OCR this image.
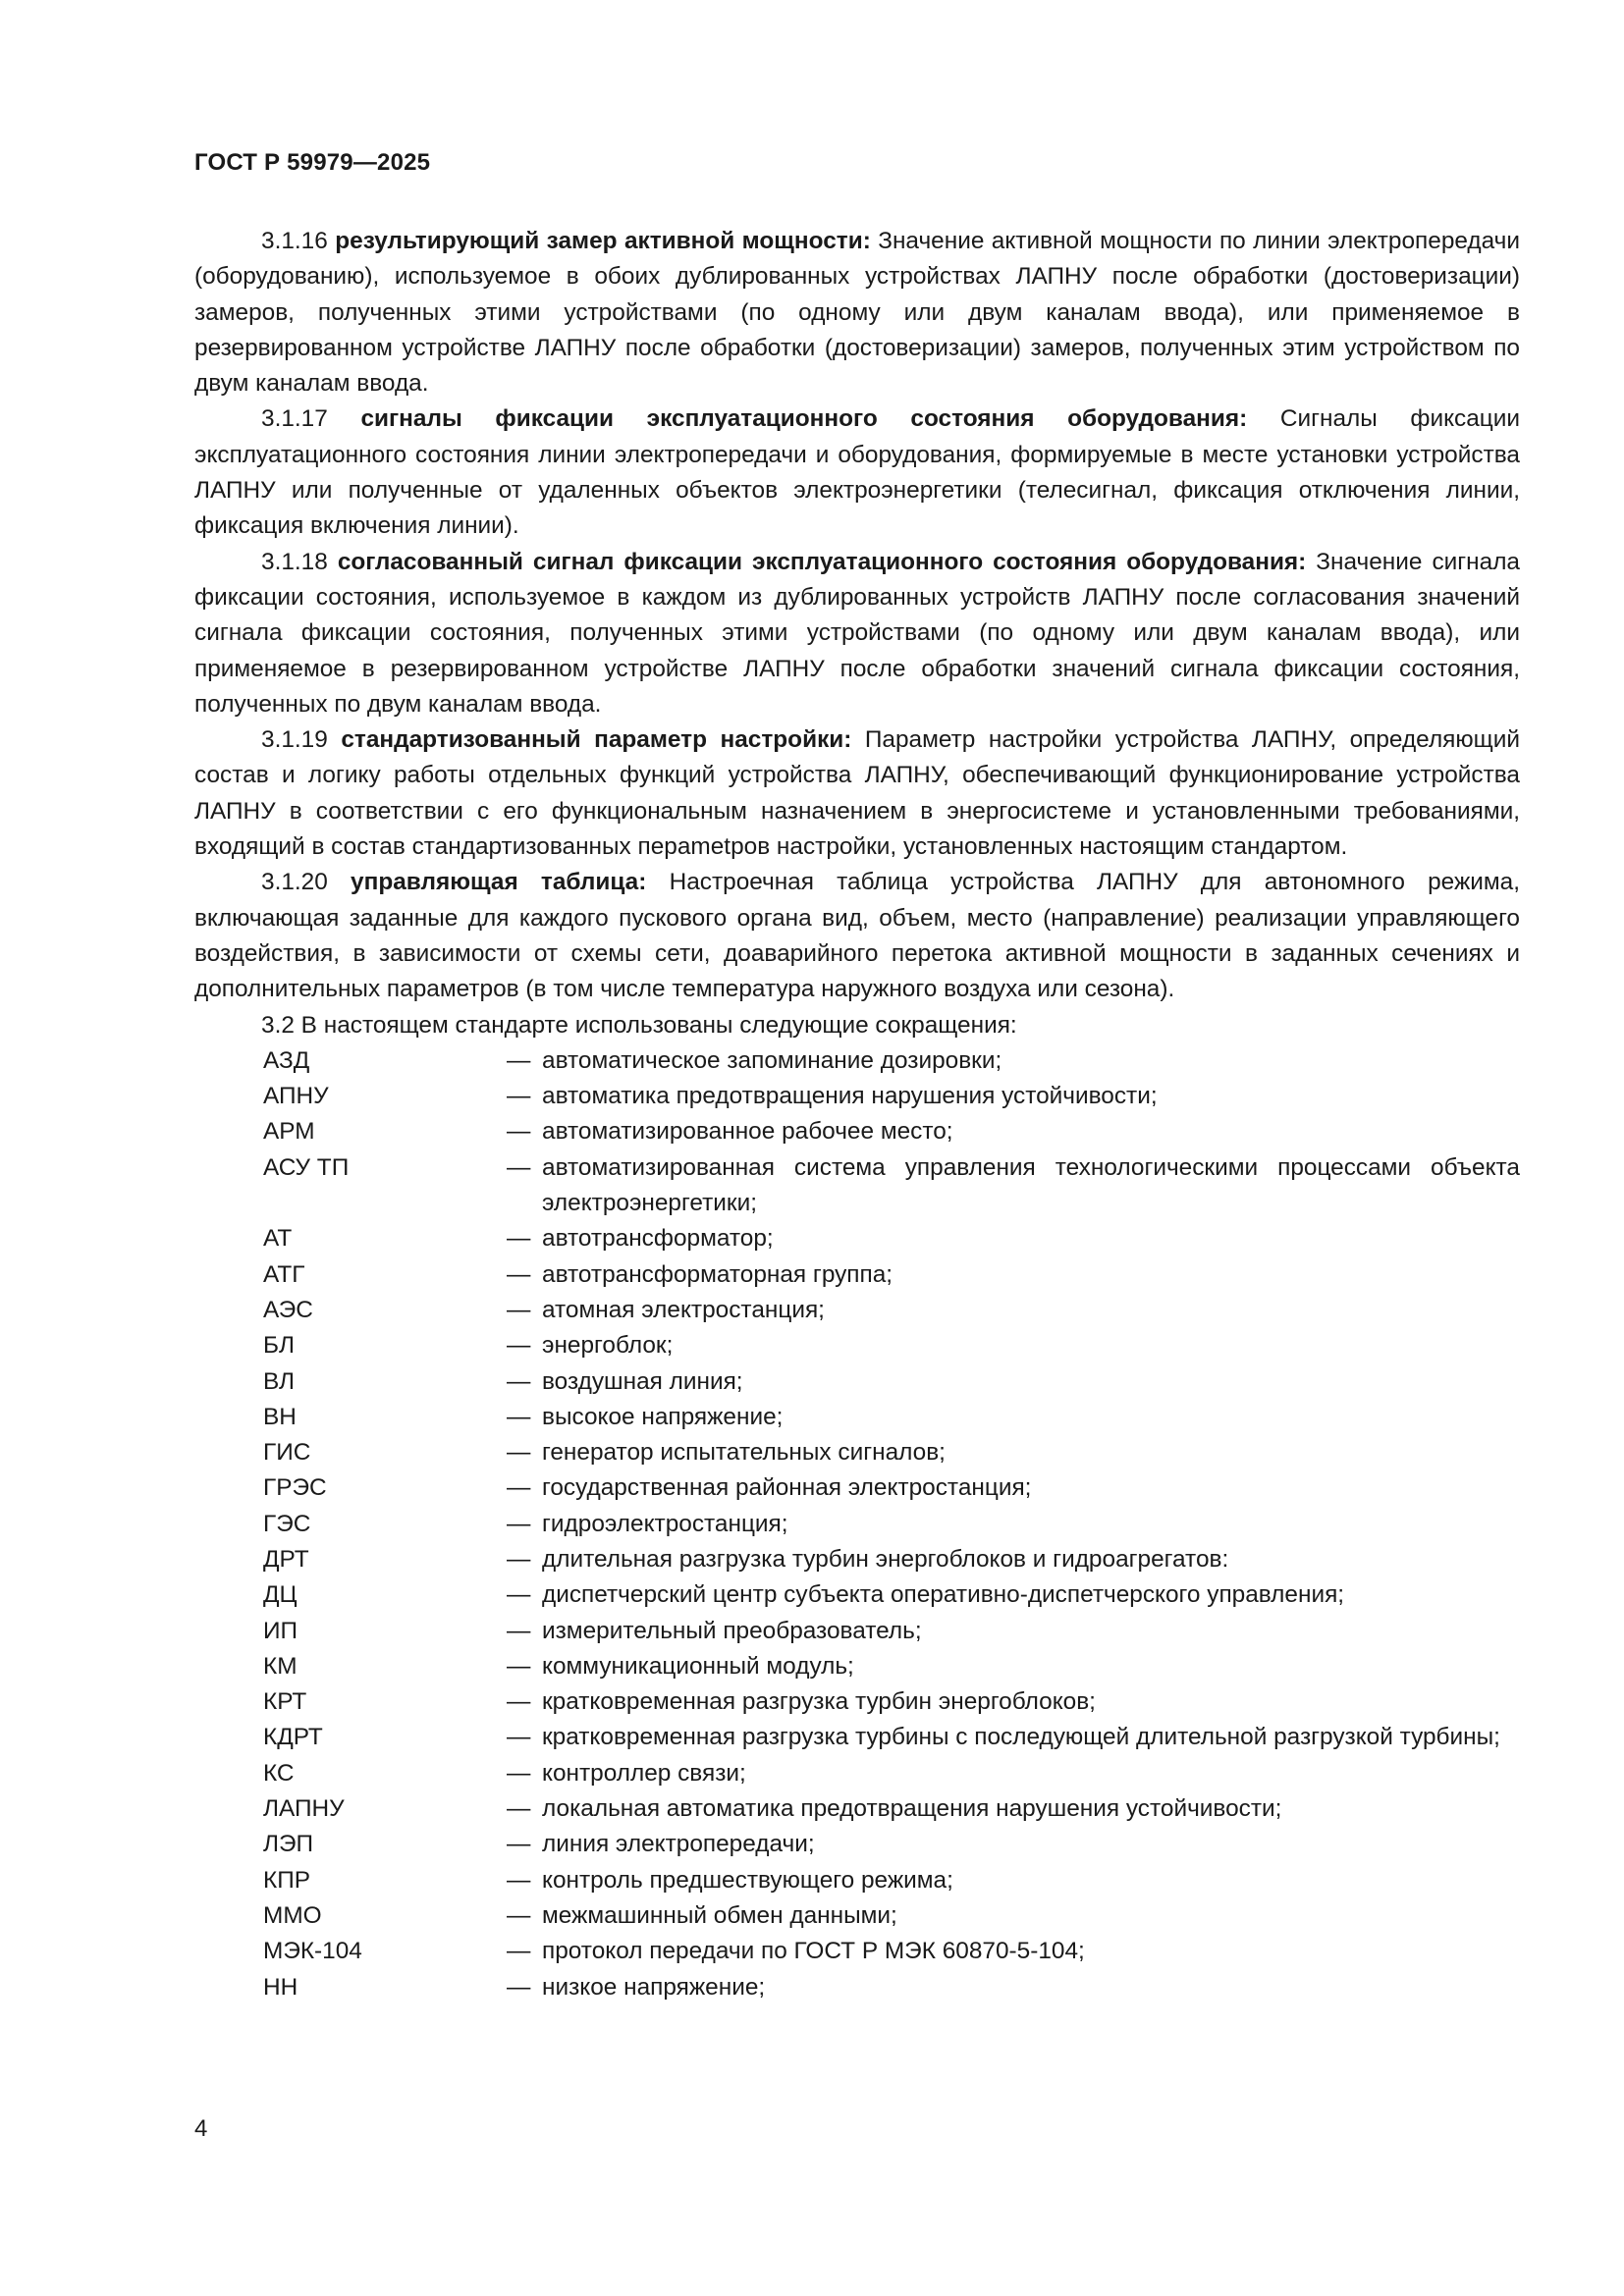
ГОСТ Р 59979—2025

3.1.16 результирующий замер активной мощности: Значение активной мощности по линии электропередачи (оборудованию), используемое в обоих дублированных устройствах ЛАПНУ после обработки (достоверизации) замеров, полученных этими устройствами (по одному или двум каналам ввода), или применяемое в резервированном устройстве ЛАПНУ после обработки (достоверизации) замеров, полученных этим устройством по двум каналам ввода.

3.1.17 сигналы фиксации эксплуатационного состояния оборудования: Сигналы фиксации эксплуатационного состояния линии электропередачи и оборудования, формируемые в месте установки устройства ЛАПНУ или полученные от удаленных объектов электроэнергетики (телесигнал, фиксация отключения линии, фиксация включения линии).

3.1.18 согласованный сигнал фиксации эксплуатационного состояния оборудования: Значение сигнала фиксации состояния, используемое в каждом из дублированных устройств ЛАПНУ после согласования значений сигнала фиксации состояния, полученных этими устройствами (по одному или двум каналам ввода), или применяемое в резервированном устройстве ЛАПНУ после обработки значений сигнала фиксации состояния, полученных по двум каналам ввода.

3.1.19 стандартизованный параметр настройки: Параметр настройки устройства ЛАПНУ, определяющий состав и логику работы отдельных функций устройства ЛАПНУ, обеспечивающий функционирование устройства ЛАПНУ в соответствии с его функциональным назначением в энергосистеме и установленными требованиями, входящий в состав стандартизованных перametров настройки, установленных настоящим стандартом.

3.1.20 управляющая таблица: Настроечная таблица устройства ЛАПНУ для автономного режима, включающая заданные для каждого пускового органа вид, объем, место (направление) реализации управляющего воздействия, в зависимости от схемы сети, доаварийного перетока активной мощности в заданных сечениях и дополнительных параметров (в том числе температура наружного воздуха или сезона).

3.2 В настоящем стандарте использованы следующие сокращения:

АЗД	— автоматическое запоминание дозировки;
АПНУ	— автоматика предотвращения нарушения устойчивости;
АРМ	— автоматизированное рабочее место;
АСУ ТП	— автоматизированная система управления технологическими процессами объекта электроэнергетики;
АТ	— автотрансформатор;
АТГ	— автотрансформаторная группа;
АЭС	— атомная электростанция;
БЛ	— энергоблок;
ВЛ	— воздушная линия;
ВН	— высокое напряжение;
ГИС	— генератор испытательных сигналов;
ГРЭС	— государственная районная электростанция;
ГЭС	— гидроэлектростанция;
ДРТ	— длительная разгрузка турбин энергоблоков и гидроагрегатов:
ДЦ	— диспетчерский центр субъекта оперативно-диспетчерского управления;
ИП	— измерительный преобразователь;
КМ	— коммуникационный модуль;
КРТ	— кратковременная разгрузка турбин энергоблоков;
КДРТ	— кратковременная разгрузка турбины с последующей длительной разгрузкой турбины;
КС	— контроллер связи;
ЛАПНУ	— локальная автоматика предотвращения нарушения устойчивости;
ЛЭП	— линия электропередачи;
КПР	— контроль предшествующего режима;
ММО	— межмашинный обмен данными;
МЭК-104	— протокол передачи по ГОСТ Р МЭК 60870-5-104;
НН	— низкое напряжение;
4
